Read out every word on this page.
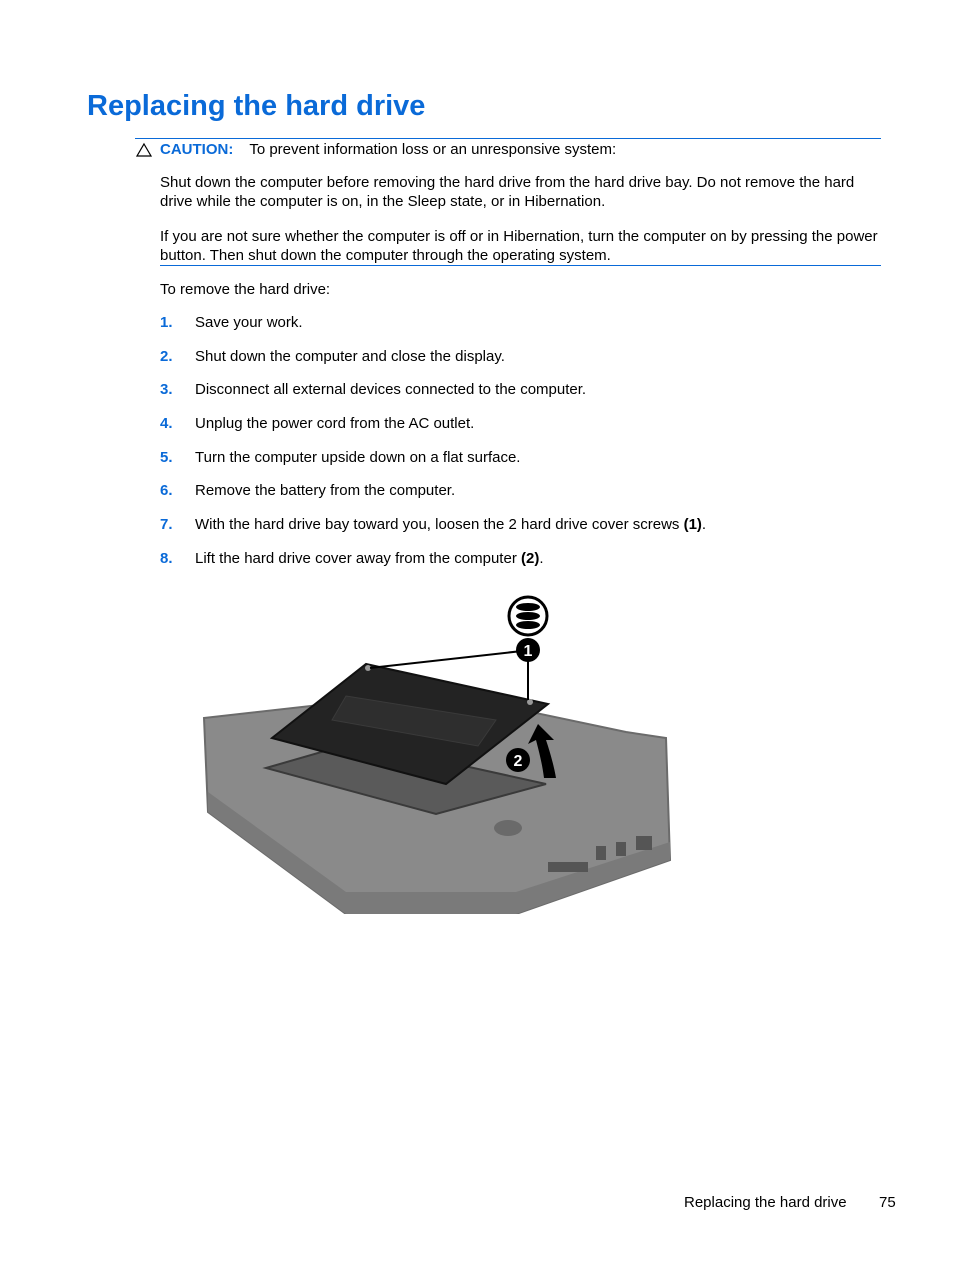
Replacing the hard drive
CAUTION: To prevent information loss or an unresponsive system:

Shut down the computer before removing the hard drive from the hard drive bay. Do not remove the hard drive while the computer is on, in the Sleep state, or in Hibernation.

If you are not sure whether the computer is off or in Hibernation, turn the computer on by pressing the power button. Then shut down the computer through the operating system.

To remove the hard drive:

1. Save your work.
2. Shut down the computer and close the display.
3. Disconnect all external devices connected to the computer.
4. Unplug the power cord from the AC outlet.
5. Turn the computer upside down on a flat surface.
6. Remove the battery from the computer.
7. With the hard drive bay toward you, loosen the 2 hard drive cover screws (1).
8. Lift the hard drive cover away from the computer (2).
1
2
Replacing the hard drive 75
